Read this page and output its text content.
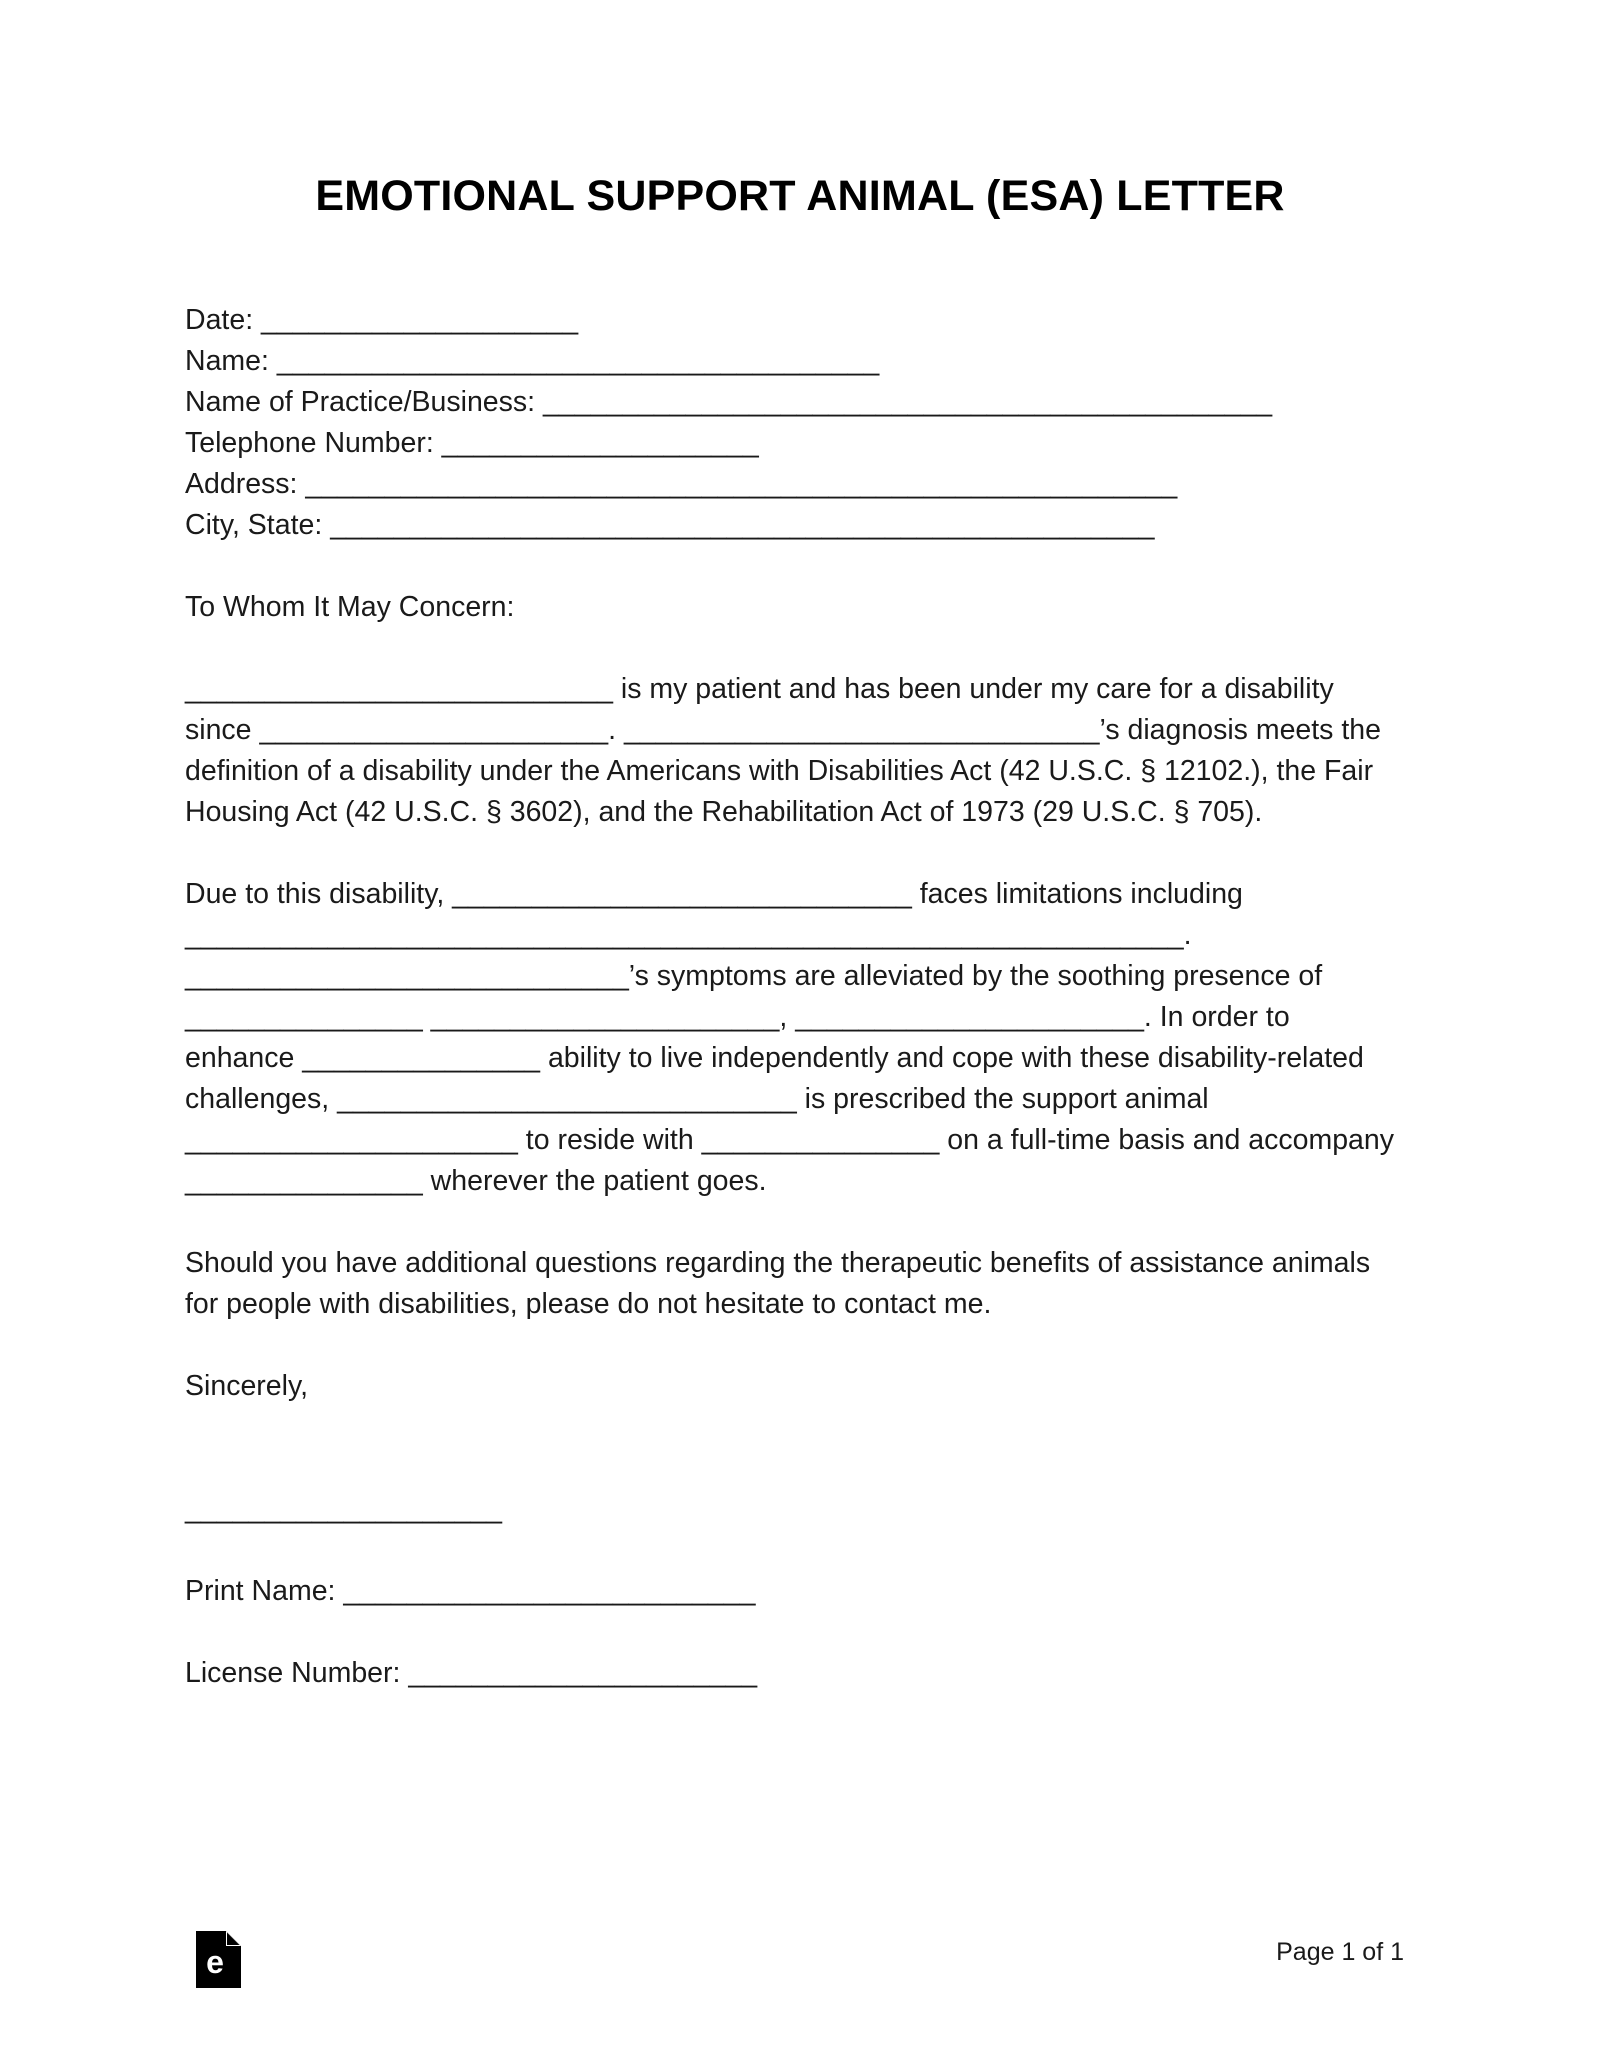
EMOTIONAL SUPPORT ANIMAL (ESA) LETTER
Date: ____________________
Name: ______________________________________
Name of Practice/Business: ______________________________________________
Telephone Number: ____________________
Address: _______________________________________________________
City, State: ____________________________________________________
To Whom It May Concern:
___________________________ is my patient and has been under my care for a disability since ______________________. ______________________________’s diagnosis meets the definition of a disability under the Americans with Disabilities Act (42 U.S.C. § 12102.), the Fair Housing Act (42 U.S.C. § 3602), and the Rehabilitation Act of 1973 (29 U.S.C. § 705).
Due to this disability, _____________________________ faces limitations including _______________________________________________________________. ____________________________’s symptoms are alleviated by the soothing presence of _______________ ______________________, ______________________. In order to enhance _______________ ability to live independently and cope with these disability-related challenges, _____________________________ is prescribed the support animal _____________________ to reside with _______________ on a full-time basis and accompany _______________ wherever the patient goes.
Should you have additional questions regarding the therapeutic benefits of assistance animals for people with disabilities, please do not hesitate to contact me.
Sincerely,
____________________
Print Name: __________________________
License Number: ______________________
e	Page 1 of 1
